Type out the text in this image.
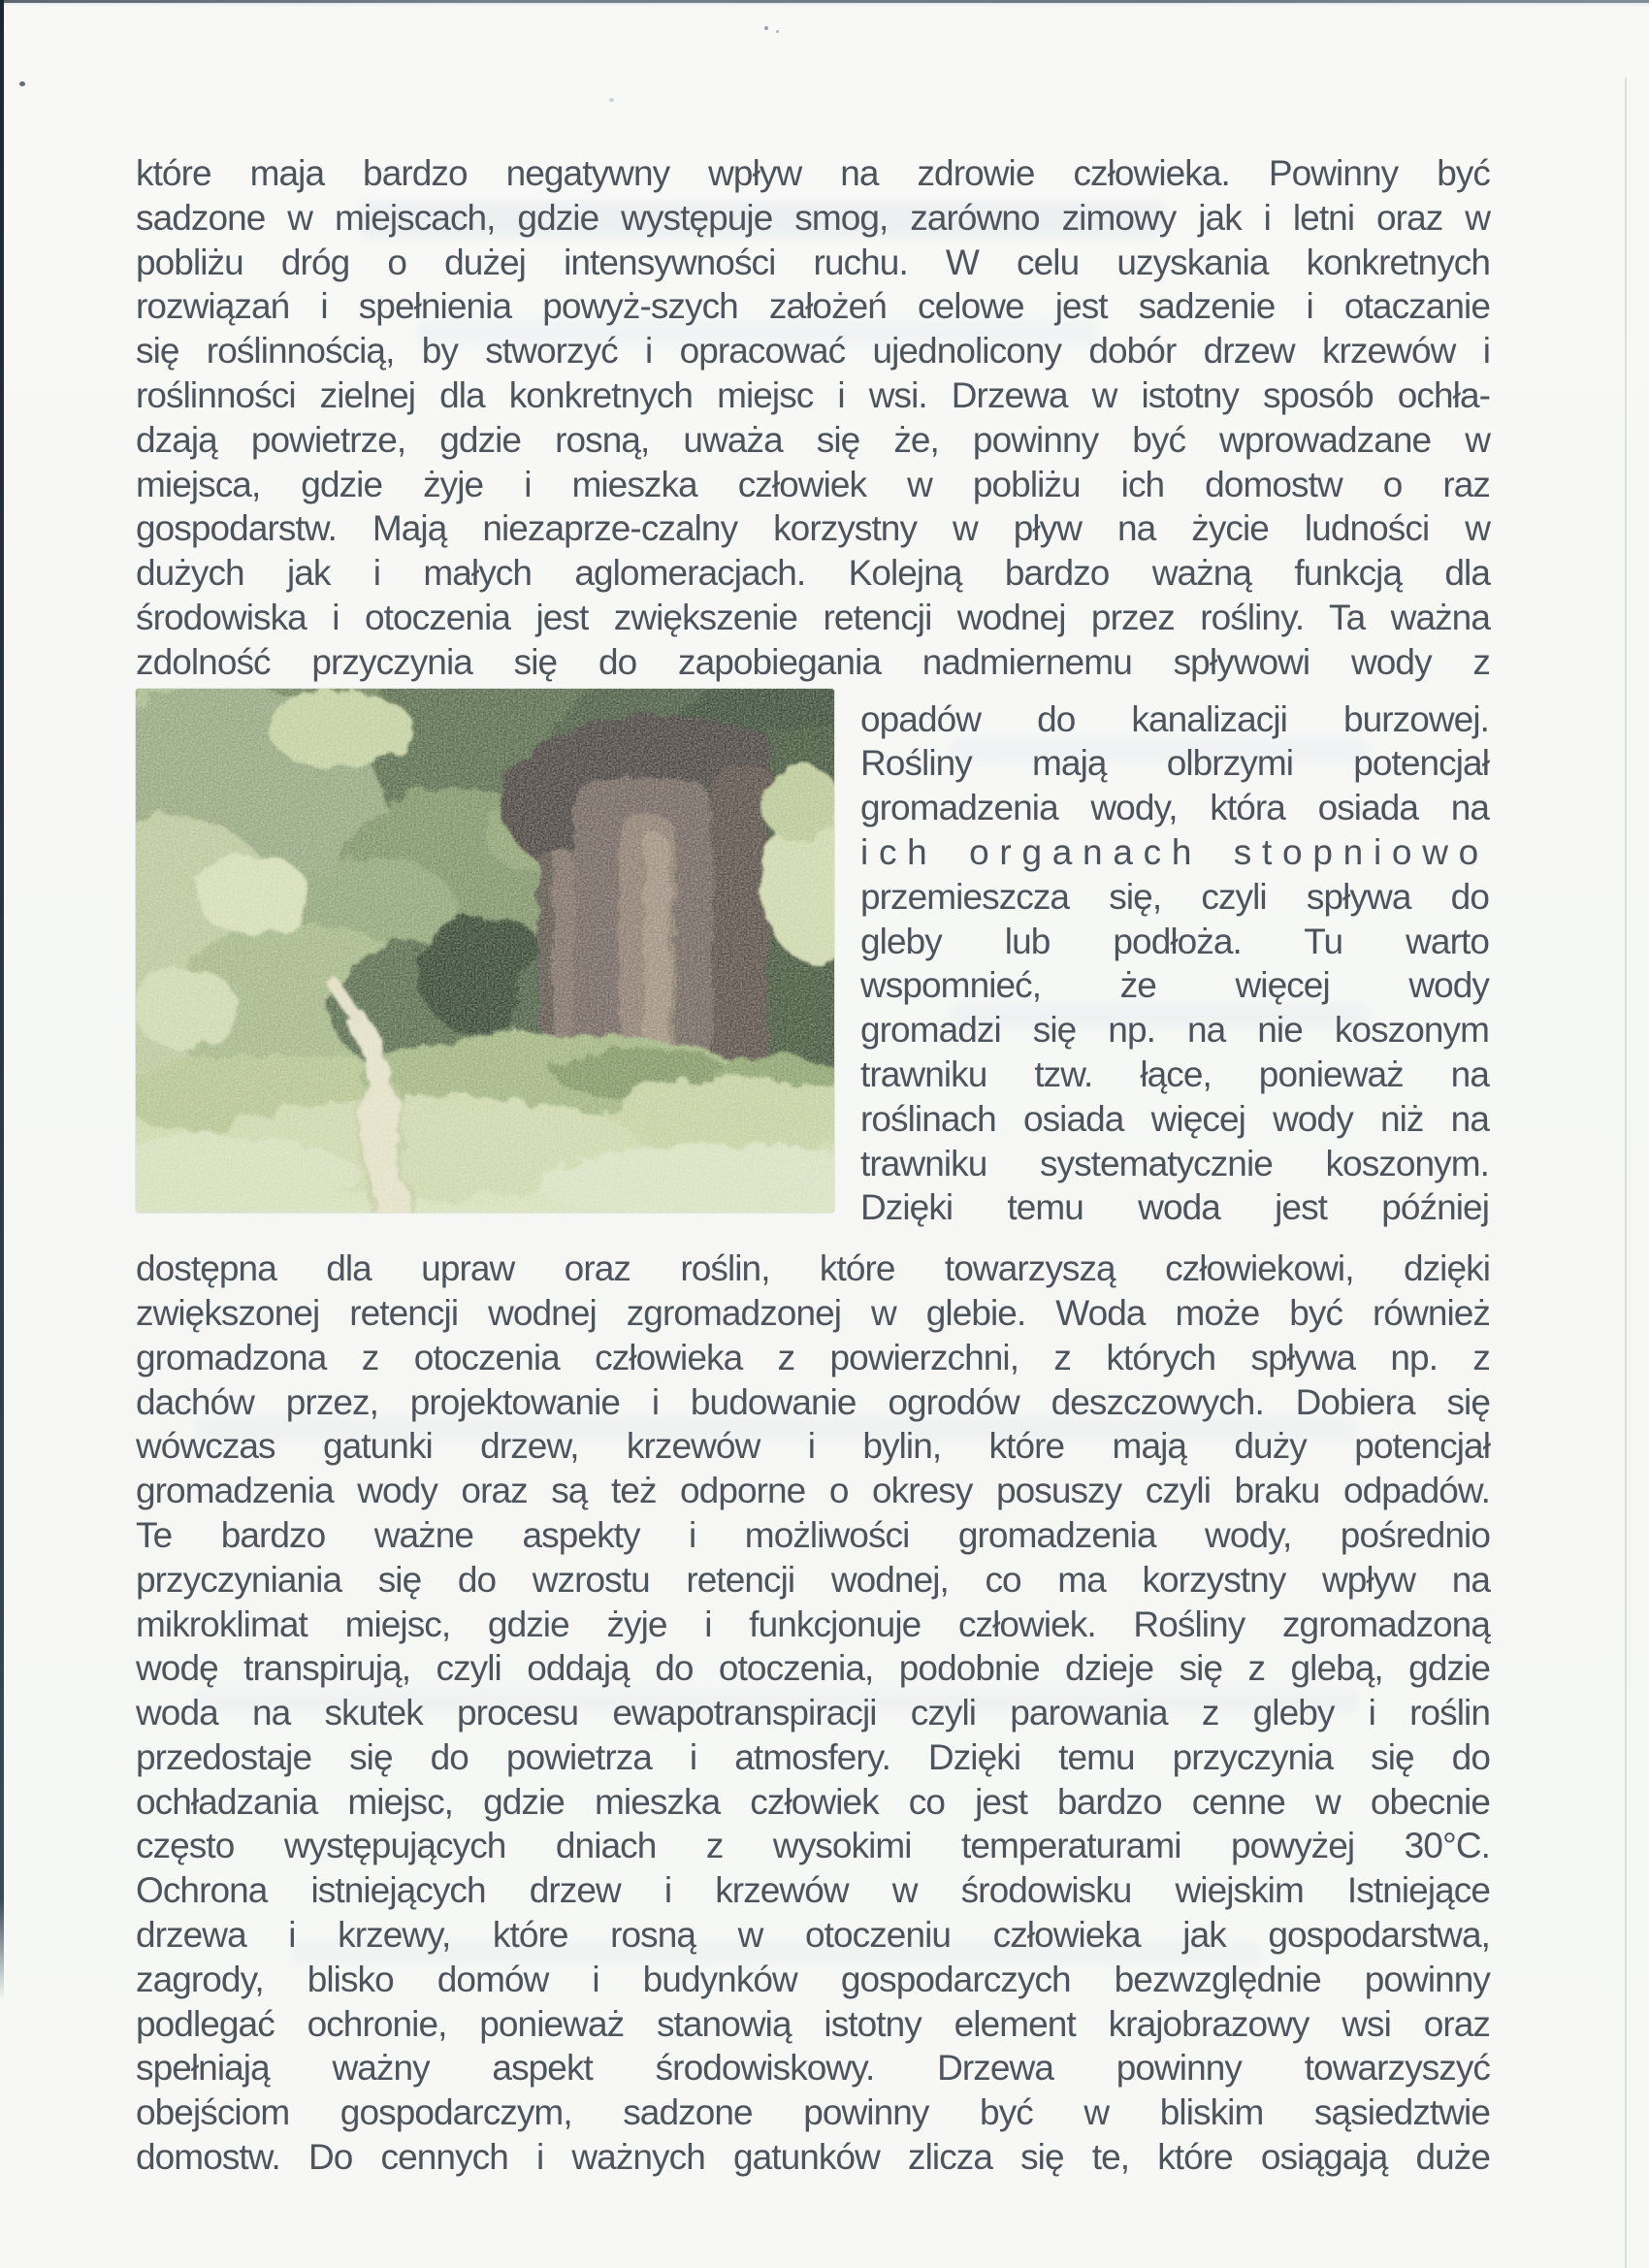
które maja bardzo negatywny wpływ na zdrowie człowieka. Powinny być
sadzone w miejscach, gdzie występuje smog, zarówno zimowy jak i letni oraz w
pobliżu dróg o dużej intensywności ruchu. W celu uzyskania konkretnych
rozwiązań i spełnienia powyż-szych założeń celowe jest sadzenie i otaczanie
się roślinnością, by stworzyć i opracować ujednolicony dobór drzew krzewów i
roślinności zielnej dla konkretnych miejsc i wsi. Drzewa w istotny sposób ochła-
dzają powietrze, gdzie rosną, uważa się że, powinny być wprowadzane w
miejsca, gdzie żyje i mieszka człowiek w pobliżu ich domostw o raz
gospodarstw. Mają niezaprze-czalny korzystny w pływ na życie ludności w
dużych jak i małych aglomeracjach. Kolejną bardzo ważną funkcją dla
środowiska i otoczenia jest zwiększenie retencji wodnej przez rośliny. Ta ważna
zdolność przyczynia się do zapobiegania nadmiernemu spływowi wody z
opadów do kanalizacji burzowej.
Rośliny mają olbrzymi potencjał
gromadzenia wody, która osiada na
ich organach stopniowo
przemieszcza się, czyli spływa do
gleby lub podłoża. Tu warto
wspomnieć, że więcej wody
gromadzi się np. na nie koszonym
trawniku tzw. łące, ponieważ na
roślinach osiada więcej wody niż na
trawniku systematycznie koszonym.
Dzięki temu woda jest później
dostępna dla upraw oraz roślin, które towarzyszą człowiekowi, dzięki
zwiększonej retencji wodnej zgromadzonej w glebie. Woda może być również
gromadzona z otoczenia człowieka z powierzchni, z których spływa np. z
dachów przez, projektowanie i budowanie ogrodów deszczowych. Dobiera się
wówczas gatunki drzew, krzewów i bylin, które mają duży potencjał
gromadzenia wody oraz są też odporne o okresy posuszy czyli braku odpadów.
Te bardzo ważne aspekty i możliwości gromadzenia wody, pośrednio
przyczyniania się do wzrostu retencji wodnej, co ma korzystny wpływ na
mikroklimat miejsc, gdzie żyje i funkcjonuje człowiek. Rośliny zgromadzoną
wodę transpirują, czyli oddają do otoczenia, podobnie dzieje się z glebą, gdzie
woda na skutek procesu ewapotranspiracji czyli parowania z gleby i roślin
przedostaje się do powietrza i atmosfery. Dzięki temu przyczynia się do
ochładzania miejsc, gdzie mieszka człowiek co jest bardzo cenne w obecnie
często występujących dniach z wysokimi temperaturami powyżej 30°C.
Ochrona istniejących drzew i krzewów w środowisku wiejskim Istniejące
drzewa i krzewy, które rosną w otoczeniu człowieka jak gospodarstwa,
zagrody, blisko domów i budynków gospodarczych bezwzględnie powinny
podlegać ochronie, ponieważ stanowią istotny element krajobrazowy wsi oraz
spełniają ważny aspekt środowiskowy. Drzewa powinny towarzyszyć
obejściom gospodarczym, sadzone powinny być w bliskim sąsiedztwie
domostw. Do cennych i ważnych gatunków zlicza się te, które osiągają duże
